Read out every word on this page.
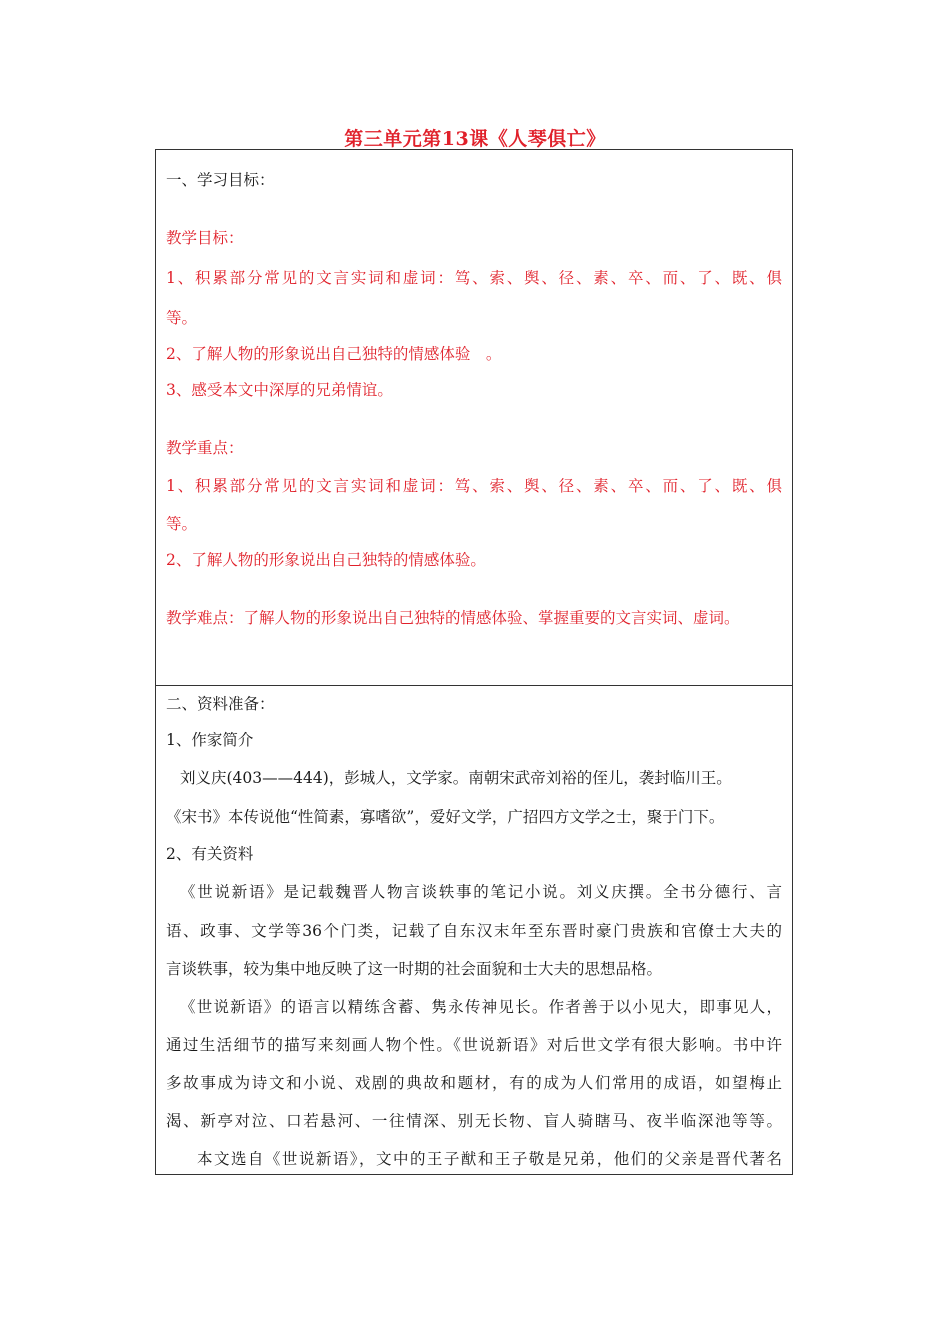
第三单元第13课《人琴俱亡》
一、学习目标：
教学目标：
1、积累部分常见的文言实词和虚词：笃、索、舆、径、素、卒、而、了、既、俱
等。
2、了解人物的形象说出自己独特的情感体验　。
3、感受本文中深厚的兄弟情谊。
教学重点：
1、积累部分常见的文言实词和虚词：笃、索、舆、径、素、卒、而、了、既、俱
等。
2、了解人物的形象说出自己独特的情感体验。
教学难点：了解人物的形象说出自己独特的情感体验、掌握重要的文言实词、虚词。
二、资料准备：
1、作家简介
刘义庆(403——444)，彭城人，文学家。南朝宋武帝刘裕的侄儿，袭封临川王。
《宋书》本传说他“性简素，寡嗜欲”，爱好文学，广招四方文学之士，聚于门下。
2、有关资料
《世说新语》是记载魏晋人物言谈轶事的笔记小说。刘义庆撰。全书分德行、言
语、政事、文学等36个门类，记载了自东汉末年至东晋时豪门贵族和官僚士大夫的
言谈轶事，较为集中地反映了这一时期的社会面貌和士大夫的思想品格。
《世说新语》的语言以精练含蓄、隽永传神见长。作者善于以小见大，即事见人，
通过生活细节的描写来刻画人物个性。《世说新语》对后世文学有很大影响。书中许
多故事成为诗文和小说、戏剧的典故和题材，有的成为人们常用的成语，如望梅止
渴、新亭对泣、口若悬河、一往情深、别无长物、盲人骑瞎马、夜半临深池等等。
本文选自《世说新语》，文中的王子猷和王子敬是兄弟，他们的父亲是晋代著名
